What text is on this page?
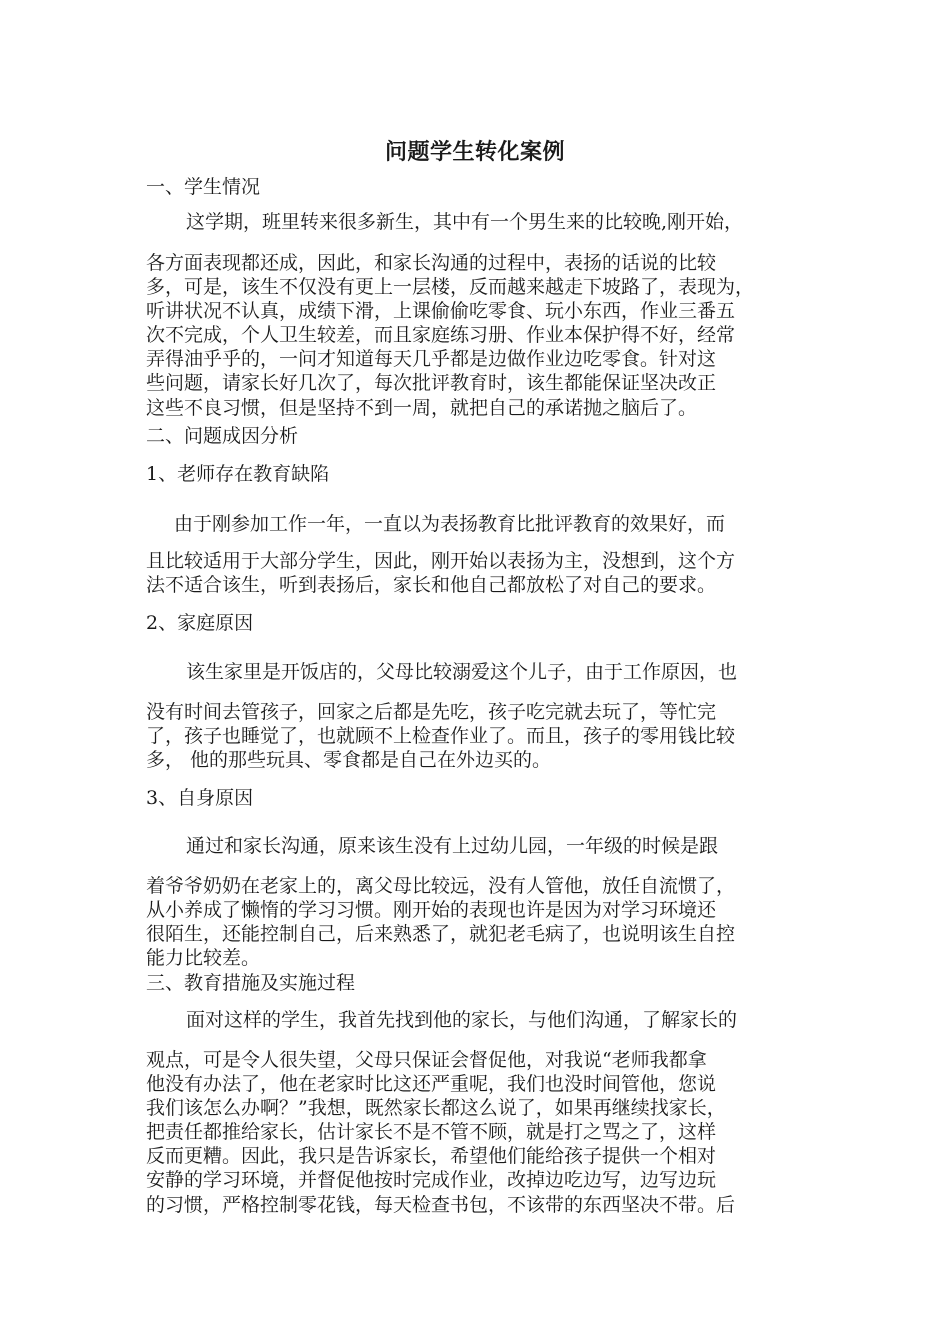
问题学生转化案例
一、学生情况
这学期，班里转来很多新生，其中有一个男生来的比较晚,刚开始，
各方面表现都还成，因此，和家长沟通的过程中，表扬的话说的比较
多，可是，该生不仅没有更上一层楼，反而越来越走下坡路了，表现为，
听讲状况不认真，成绩下滑，上课偷偷吃零食、玩小东西，作业三番五
次不完成，个人卫生较差，而且家庭练习册、作业本保护得不好，经常
弄得油乎乎的，一问才知道每天几乎都是边做作业边吃零食。针对这
些问题，请家长好几次了，每次批评教育时，该生都能保证坚决改正
这些不良习惯，但是坚持不到一周，就把自己的承诺抛之脑后了。
二、问题成因分析
1、老师存在教育缺陷
由于刚参加工作一年，一直以为表扬教育比批评教育的效果好，而
且比较适用于大部分学生，因此，刚开始以表扬为主，没想到，这个方
法不适合该生，听到表扬后，家长和他自己都放松了对自己的要求。
2、家庭原因
该生家里是开饭店的，父母比较溺爱这个儿子，由于工作原因，也
没有时间去管孩子，回家之后都是先吃，孩子吃完就去玩了，等忙完
了，孩子也睡觉了，也就顾不上检查作业了。而且，孩子的零用钱比较
多， 他的那些玩具、零食都是自己在外边买的。
3、自身原因
通过和家长沟通，原来该生没有上过幼儿园，一年级的时候是跟
着爷爷奶奶在老家上的，离父母比较远，没有人管他，放任自流惯了，
从小养成了懒惰的学习习惯。刚开始的表现也许是因为对学习环境还
很陌生，还能控制自己，后来熟悉了，就犯老毛病了，也说明该生自控
能力比较差。
三、教育措施及实施过程
面对这样的学生，我首先找到他的家长，与他们沟通，了解家长的
观点，可是令人很失望，父母只保证会督促他，对我说“老师我都拿
他没有办法了，他在老家时比这还严重呢，我们也没时间管他，您说
我们该怎么办啊？”我想，既然家长都这么说了，如果再继续找家长，
把责任都推给家长，估计家长不是不管不顾，就是打之骂之了，这样
反而更糟。因此，我只是告诉家长，希望他们能给孩子提供一个相对
安静的学习环境，并督促他按时完成作业，改掉边吃边写，边写边玩
的习惯，严格控制零花钱，每天检查书包，不该带的东西坚决不带。后
